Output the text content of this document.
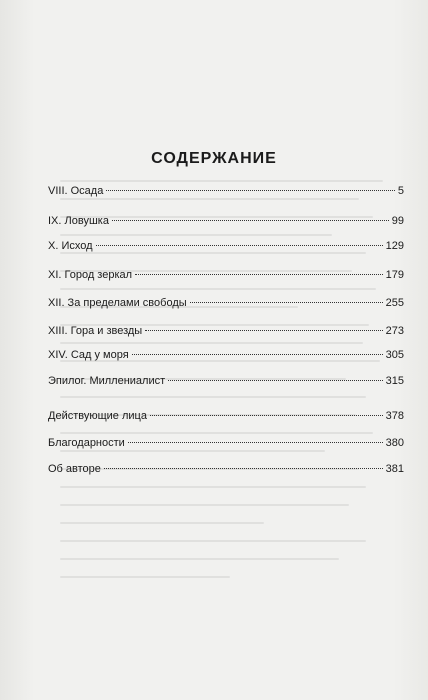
СОДЕРЖАНИЕ
VIII. Осада	5
IX. Ловушка	99
X. Исход	129
XI. Город зеркал	179
XII. За пределами свободы	255
XIII. Гора и звезды	273
XIV. Сад у моря	305
Эпилог. Миллениалист	315
Действующие лица	378
Благодарности	380
Об авторе	381
